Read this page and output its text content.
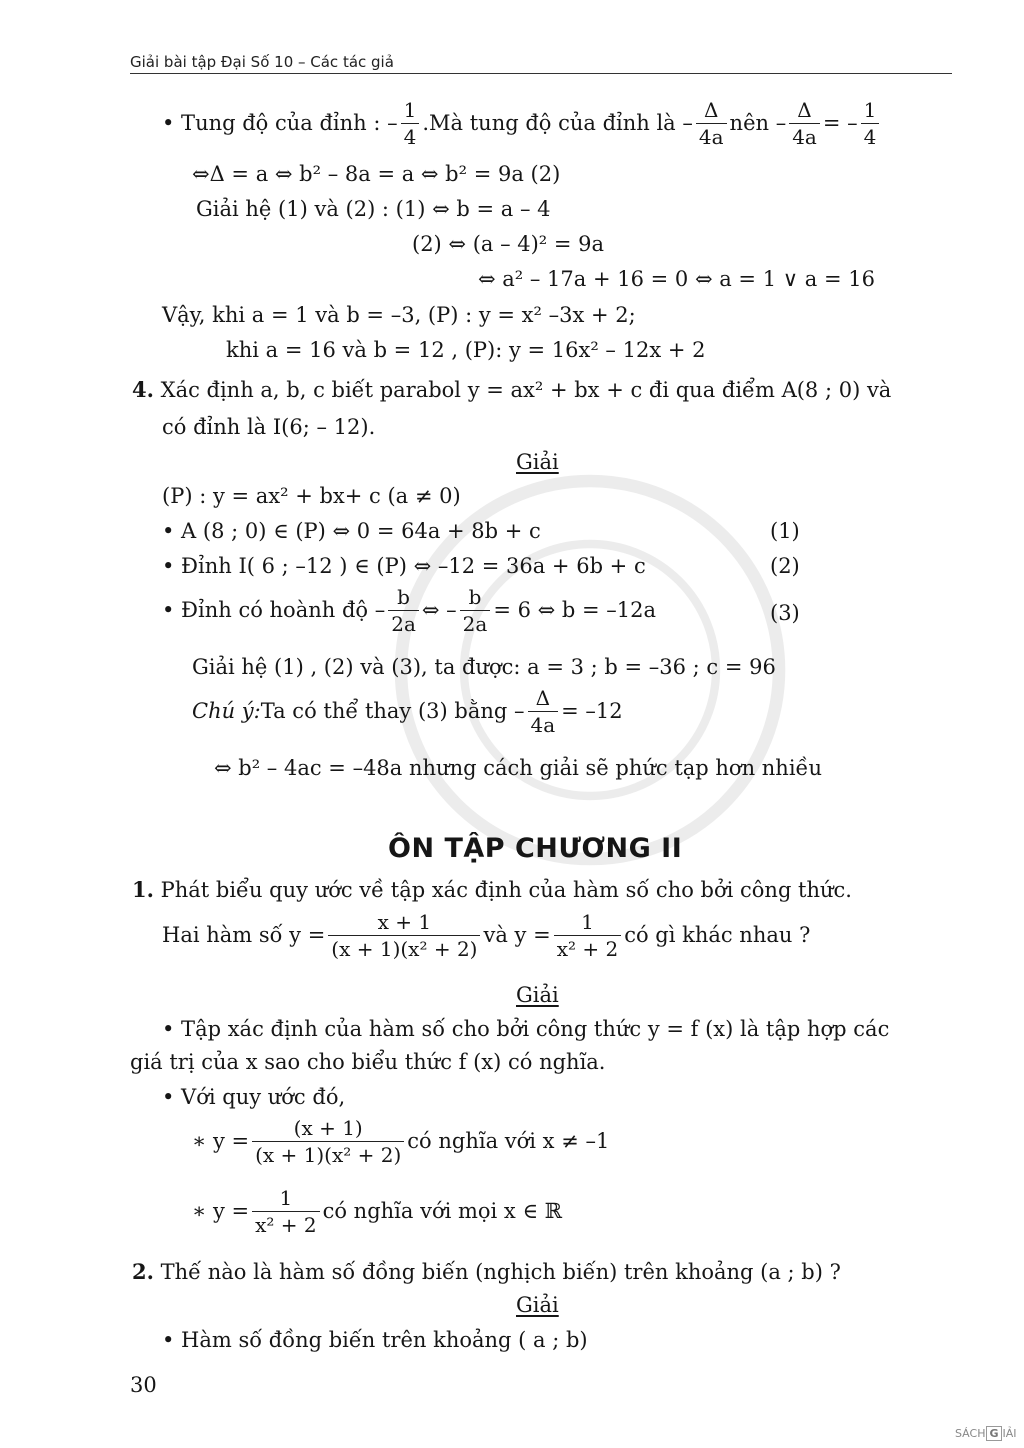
Giải bài tập Đại Số 10 – Các tác giả
• Tung độ của đỉnh : – $\frac{1}{4}$ .Mà tung độ của đỉnh là – $\frac{\Delta}{4a}$ nên – $\frac{\Delta}{4a}$ = – $\frac{1}{4}$
⇔Δ = a ⇔ b² – 8a = a ⇔ b² = 9a (2)
Giải hệ (1) và (2) : (1) ⇔ b = a – 4
(2) ⇔ (a – 4)² = 9a
⇔ a² – 17a + 16 = 0 ⇔ a = 1 ∨ a = 16
Vậy, khi a = 1 và b = –3, (P) : y = x² –3x + 2;
khi a = 16 và b = 12 , (P): y = 16x² – 12x + 2
4. Xác định a, b, c biết parabol y = ax² + bx + c đi qua điểm A(8 ; 0) và
có đỉnh là I(6; – 12).
Giải
(P) : y = ax² + bx+ c (a ≠ 0)
• A (8 ; 0) ∈ (P) ⇔ 0 = 64a + 8b + c	(1)
• Đỉnh I( 6 ; –12 ) ∈ (P) ⇔ –12 = 36a + 6b + c	(2)
• Đỉnh có hoành độ – $\frac{b}{2a}$ ⇔ – $\frac{b}{2a} = 6$ ⇔ b = –12a	(3)
Giải hệ (1) , (2) và (3), ta được: a = 3 ; b = –36 ; c = 96
Chú ý: Ta có thể thay (3) bằng – $\frac{\Delta}{4a} = -12$
⇔ b² – 4ac = –48a nhưng cách giải sẽ phức tạp hơn nhiều
ÔN TẬP CHƯƠNG II
1. Phát biểu quy ước về tập xác định của hàm số cho bởi công thức.
Hai hàm số $y = \frac{x + 1}{\text{(x + 1)(x² + 2)}}$ và $y = \frac{1}{\text{x² + 2}}$ có gì khác nhau ?
Giải
• Tập xác định của hàm số cho bởi công thức y = f (x) là tập hợp các
giá trị của x sao cho biểu thức f (x) có nghĩa.
• Với quy ước đó,
∗ $y = \frac{(x + 1)}{\text{(x + 1)(x² + 2)}}$ có nghĩa với x ≠ –1
∗ $y = \frac{1}{\text{x² + 2}}$ có nghĩa với mọi x ∈ ℝ
2. Thế nào là hàm số đồng biến (nghịch biến) trên khoảng (a ; b) ?
Giải
• Hàm số đồng biến trên khoảng ( a ; b)
30
SÁCH G IẢI
